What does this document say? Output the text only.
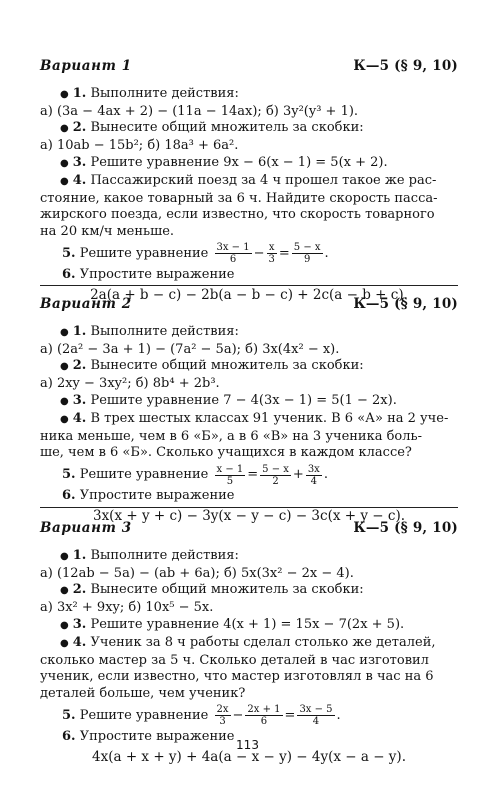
Вариант 1	К—5 (§ 9, 10)
● 1. Выполните действия:
а) (3a − 4ax + 2) − (11a − 14ax); б) 3y²(y³ + 1).
● 2. Вынесите общий множитель за скобки:
а) 10ab − 15b²; б) 18a³ + 6a².
● 3. Решите уравнение 9x − 6(x − 1) = 5(x + 2).
● 4. Пассажирский поезд за 4 ч прошел такое же рас-
стояние, какое товарный за 6 ч. Найдите скорость пасса-
жирского поезда, если известно, что скорость товарного
на 20 км/ч меньше.
5.
Решите уравнение
$\frac{3x - 1}{6} - \frac{x}{3} = \frac{5 - x}{9}$ .
6. Упростите выражение
2a(a + b − c) − 2b(a − b − c) + 2c(a − b + c).
Вариант 2	К—5 (§ 9, 10)
● 1. Выполните действия:
а) (2a² − 3a + 1) − (7a² − 5a); б) 3x(4x² − x).
● 2. Вынесите общий множитель за скобки:
а) 2xy − 3xy²; б) 8b⁴ + 2b³.
● 3. Решите уравнение 7 − 4(3x − 1) = 5(1 − 2x).
● 4. В трех шестых классах 91 ученик. В 6 «А» на 2 уче-
ника меньше, чем в 6 «Б», а в 6 «В» на 3 ученика боль-
ше, чем в 6 «Б». Сколько учащихся в каждом классе?
5.
Решите уравнение
$\frac{x - 1}{5} = \frac{5 - x}{2} + \frac{3x}{4}$ .
6. Упростите выражение
3x(x + y + c) − 3y(x − y − c) − 3c(x + y − c).
Вариант 3	К—5 (§ 9, 10)
● 1. Выполните действия:
а) (12ab − 5a) − (ab + 6a); б) 5x(3x² − 2x − 4).
● 2. Вынесите общий множитель за скобки:
а) 3x² + 9xy; б) 10x⁵ − 5x.
● 3. Решите уравнение 4(x + 1) = 15x − 7(2x + 5).
● 4. Ученик за 8 ч работы сделал столько же деталей,
сколько мастер за 5 ч. Сколько деталей в час изготовил
ученик, если известно, что мастер изготовлял в час на 6
деталей больше, чем ученик?
5.
Решите уравнение
$\frac{2x}{3} - \frac{2x + 1}{6} = \frac{3x - 5}{4}$ .
6. Упростите выражение
4x(a + x + y) + 4a(a − x − y) − 4y(x − a − y).
113
